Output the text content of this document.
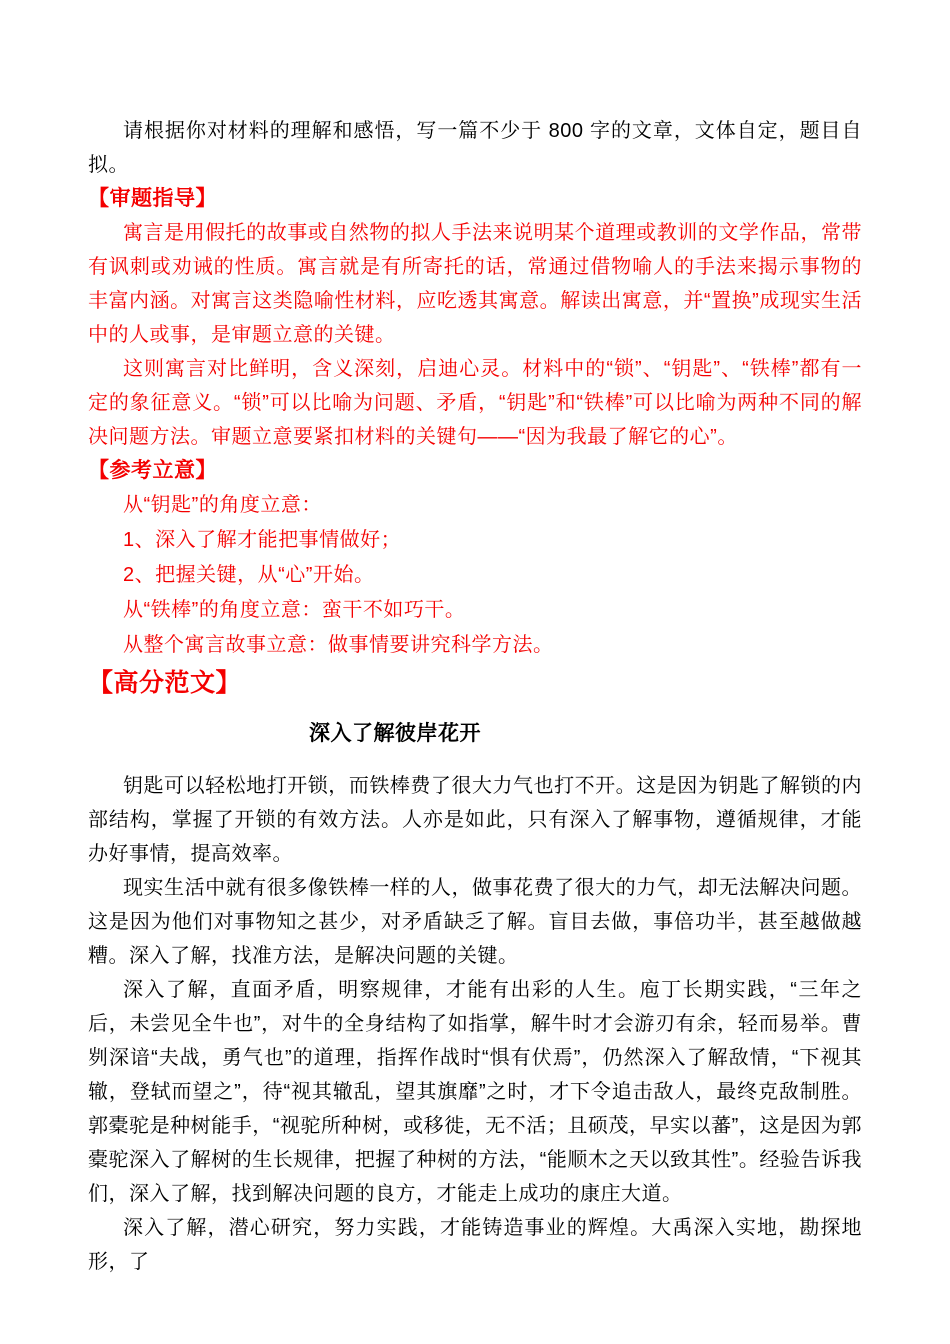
请根据你对材料的理解和感悟，写一篇不少于 800 字的文章，文体自定，题目自拟。

【审题指导】

寓言是用假托的故事或自然物的拟人手法来说明某个道理或教训的文学作品，常带有讽刺或劝诫的性质。寓言就是有所寄托的话，常通过借物喻人的手法来揭示事物的丰富内涵。对寓言这类隐喻性材料，应吃透其寓意。解读出寓意，并“置换”成现实生活中的人或事，是审题立意的关键。

这则寓言对比鲜明，含义深刻，启迪心灵。材料中的“锁”、“钥匙”、“铁棒”都有一定的象征意义。“锁”可以比喻为问题、矛盾，“钥匙”和“铁棒”可以比喻为两种不同的解决问题方法。审题立意要紧扣材料的关键句——“因为我最了解它的心”。

【参考立意】

从“钥匙”的角度立意：

1、深入了解才能把事情做好；

2、把握关键，从“心”开始。

从“铁棒”的角度立意：蛮干不如巧干。

从整个寓言故事立意：做事情要讲究科学方法。

【高分范文】

深入了解彼岸花开

钥匙可以轻松地打开锁，而铁棒费了很大力气也打不开。这是因为钥匙了解锁的内部结构，掌握了开锁的有效方法。人亦是如此，只有深入了解事物，遵循规律，才能办好事情，提高效率。

现实生活中就有很多像铁棒一样的人，做事花费了很大的力气，却无法解决问题。这是因为他们对事物知之甚少，对矛盾缺乏了解。盲目去做，事倍功半，甚至越做越糟。深入了解，找准方法，是解决问题的关键。

深入了解，直面矛盾，明察规律，才能有出彩的人生。庖丁长期实践，“三年之后，未尝见全牛也”，对牛的全身结构了如指掌，解牛时才会游刃有余，轻而易举。曹刿深谙“夫战，勇气也”的道理，指挥作战时“惧有伏焉”，仍然深入了解敌情，“下视其辙，登轼而望之”，待“视其辙乱，望其旗靡”之时，才下令追击敌人，最终克敌制胜。郭橐驼是种树能手，“视驼所种树，或移徙，无不活；且硕茂，早实以蕃”，这是因为郭橐驼深入了解树的生长规律，把握了种树的方法，“能顺木之天以致其性”。经验告诉我们，深入了解，找到解决问题的良方，才能走上成功的康庄大道。

深入了解，潜心研究，努力实践，才能铸造事业的辉煌。大禹深入实地，勘探地形，了
